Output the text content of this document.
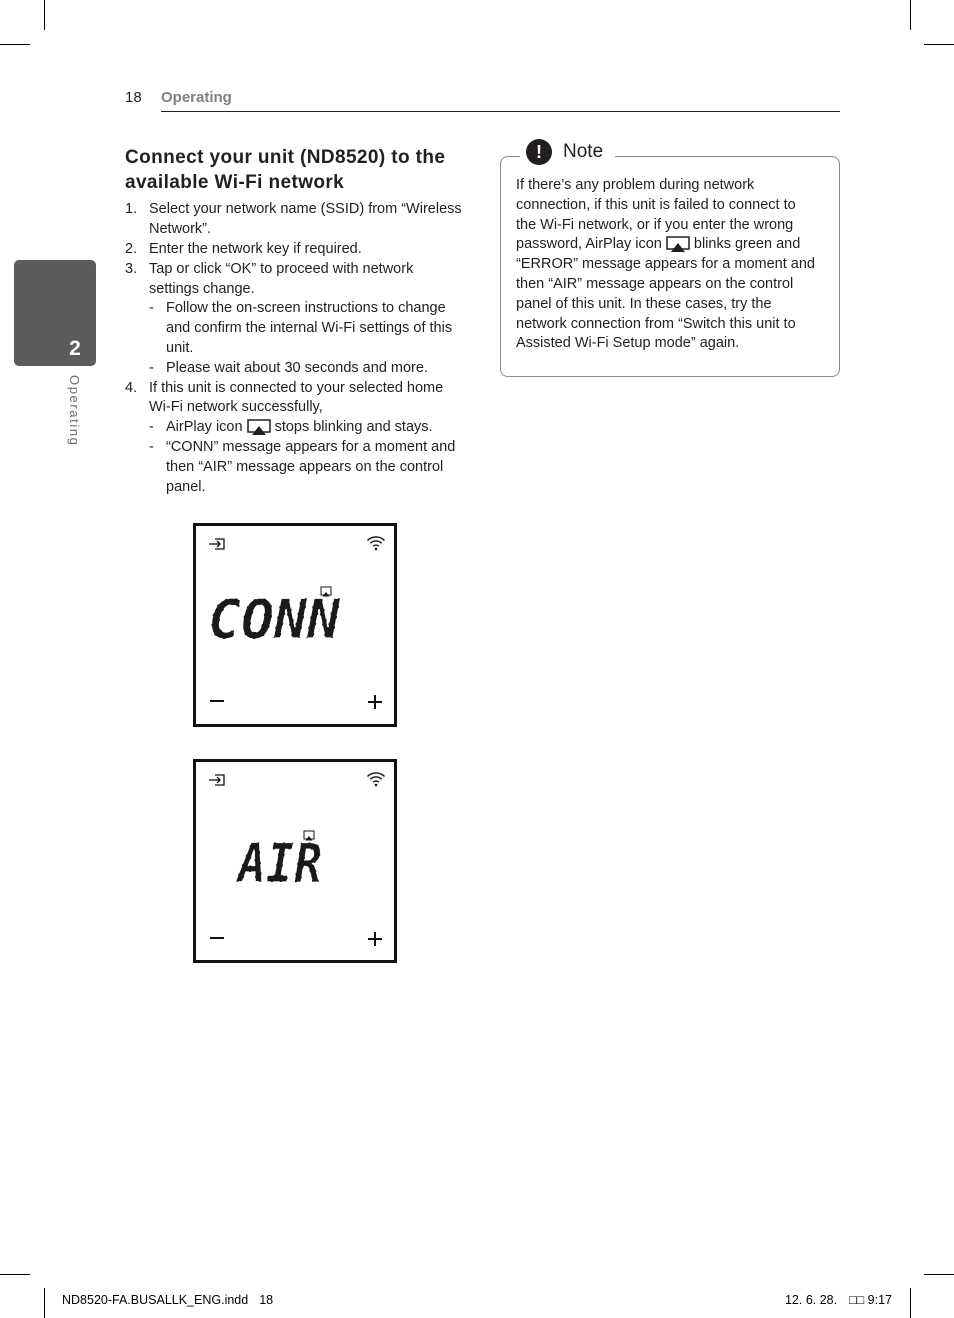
18 Operating
2
Operating
Connect your unit (ND8520) to the
available Wi-Fi network
1. Select your network name (SSID) from “Wireless
Network”.
2. Enter the network key if required.
3. Tap or click “OK” to proceed with network
settings change.
- Follow the on-screen instructions to change
and confirm the internal Wi-Fi settings of this
unit.
- Please wait about 30 seconds and more.
4. If this unit is connected to your selected home
Wi-Fi network successfully,
- AirPlay icon stops blinking and stays.
- “CONN” message appears for a moment and
then “AIR” message appears on the control
panel.
CONN
AIR
!	Note
If there’s any problem during network
connection, if this unit is failed to connect to
the Wi-Fi network, or if you enter the wrong
password, AirPlay icon blinks green and
“ERROR” message appears for a moment and
then “AIR” message appears on the control
panel of this unit. In these cases, try the
network connection from “Switch this unit to
Assisted Wi-Fi Setup mode” again.
ND8520-FA.BUSALLK_ENG.indd 18	12. 6. 28. □□ 9:17
